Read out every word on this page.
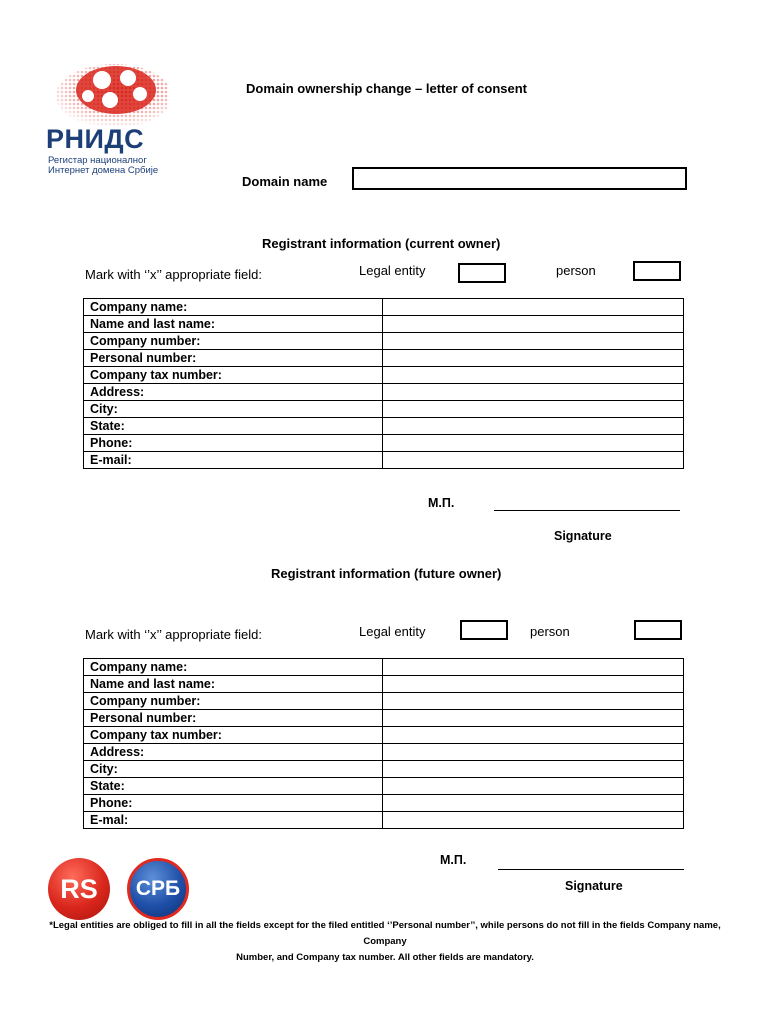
РНИДС
Регистар националног
Интернет домена Србије
Domain ownership change – letter of consent
Domain name
Registrant information (current owner)
Mark with ‘’x’’ appropriate field:	Legal entity	person
Company name:	
Name and last name:	
Company number:	
Personal number:	
Company tax number:	
Address:	
City:	
State:	
Phone:	
E-mail:	
М.П.
Signature
Registrant information (future owner)
Mark with ‘’x’’ appropriate field:	Legal entity	person
Company name:	
Name and last name:	
Company number:	
Personal number:	
Company tax number:	
Address:	
City:	
State:	
Phone:	
E-mal:	
М.П.
Signature
RS	СРБ
*Legal entities are obliged to fill in all the fields except for the filed entitled ‘’Personal number’’, while persons do not fill in the fields Company name, Company
Number, and Company tax number. All other fields are mandatory.
